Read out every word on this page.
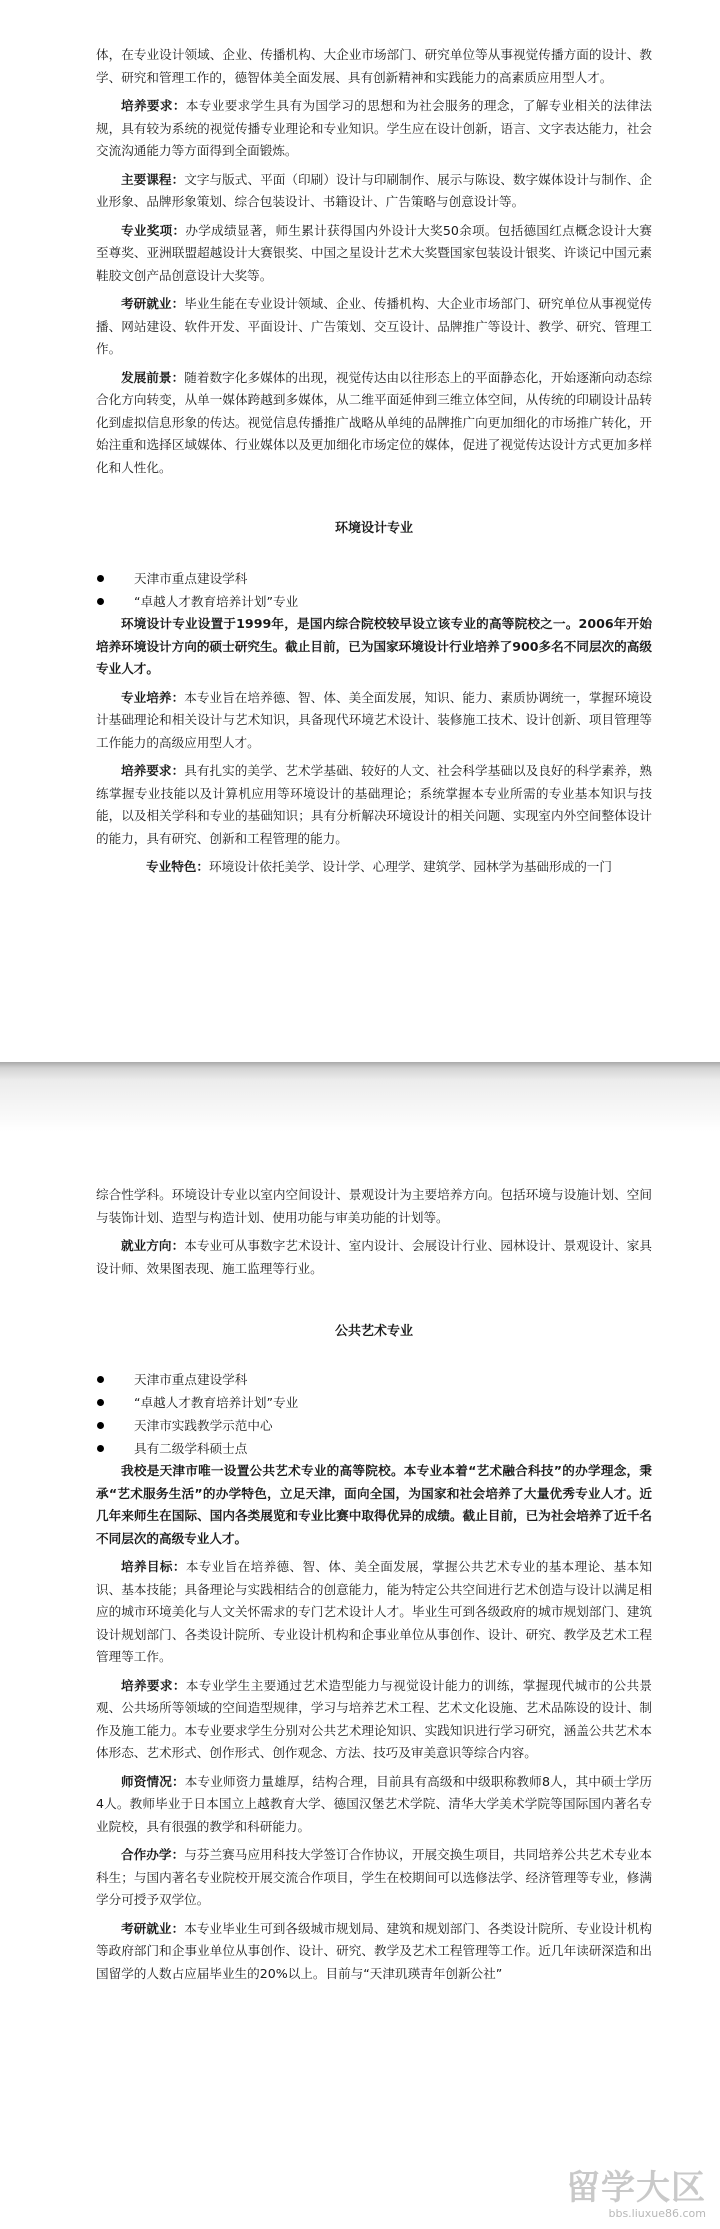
体，在专业设计领域、企业、传播机构、大企业市场部门、研究单位等从事视觉传播方面的设计、教学、研究和管理工作的，德智体美全面发展、具有创新精神和实践能力的高素质应用型人才。

培养要求：本专业要求学生具有为国学习的思想和为社会服务的理念，了解专业相关的法律法规，具有较为系统的视觉传播专业理论和专业知识。学生应在设计创新，语言、文字表达能力，社会交流沟通能力等方面得到全面锻炼。

主要课程：文字与版式、平面（印刷）设计与印刷制作、展示与陈设、数字媒体设计与制作、企业形象、品牌形象策划、综合包装设计、书籍设计、广告策略与创意设计等。

专业奖项：办学成绩显著，师生累计获得国内外设计大奖50余项。包括德国红点概念设计大赛至尊奖、亚洲联盟超越设计大赛银奖、中国之星设计艺术大奖暨国家包装设计银奖、许谈记中国元素鞋胶文创产品创意设计大奖等。

考研就业：毕业生能在专业设计领域、企业、传播机构、大企业市场部门、研究单位从事视觉传播、网站建设、软件开发、平面设计、广告策划、交互设计、品牌推广等设计、教学、研究、管理工作。

发展前景：随着数字化多媒体的出现，视觉传达由以往形态上的平面静态化，开始逐渐向动态综合化方向转变，从单一媒体跨越到多媒体，从二维平面延伸到三维立体空间，从传统的印刷设计品转化到虚拟信息形象的传达。视觉信息传播推广战略从单纯的品牌推广向更加细化的市场推广转化，开始注重和选择区域媒体、行业媒体以及更加细化市场定位的媒体，促进了视觉传达设计方式更加多样化和人性化。

环境设计专业
天津市重点建设学科
“卓越人才教育培养计划”专业

环境设计专业设置于1999年，是国内综合院校较早设立该专业的高等院校之一。2006年开始培养环境设计方向的硕士研究生。截止目前，已为国家环境设计行业培养了900多名不同层次的高级专业人才。

专业培养：本专业旨在培养德、智、体、美全面发展，知识、能力、素质协调统一，掌握环境设计基础理论和相关设计与艺术知识，具备现代环境艺术设计、装修施工技术、设计创新、项目管理等工作能力的高级应用型人才。

培养要求：具有扎实的美学、艺术学基础、较好的人文、社会科学基础以及良好的科学素养，熟练掌握专业技能以及计算机应用等环境设计的基础理论；系统掌握本专业所需的专业基本知识与技能，以及相关学科和专业的基础知识；具有分析解决环境设计的相关问题、实现室内外空间整体设计的能力，具有研究、创新和工程管理的能力。

专业特色：环境设计依托美学、设计学、心理学、建筑学、园林学为基础形成的一门

综合性学科。环境设计专业以室内空间设计、景观设计为主要培养方向。包括环境与设施计划、空间与装饰计划、造型与构造计划、使用功能与审美功能的计划等。

就业方向：本专业可从事数字艺术设计、室内设计、会展设计行业、园林设计、景观设计、家具设计师、效果图表现、施工监理等行业。

公共艺术专业
天津市重点建设学科
“卓越人才教育培养计划”专业
天津市实践教学示范中心
具有二级学科硕士点

我校是天津市唯一设置公共艺术专业的高等院校。本专业本着“艺术融合科技”的办学理念，秉承“艺术服务生活”的办学特色，立足天津，面向全国，为国家和社会培养了大量优秀专业人才。近几年来师生在国际、国内各类展览和专业比赛中取得优异的成绩。截止目前，已为社会培养了近千名不同层次的高级专业人才。

培养目标：本专业旨在培养德、智、体、美全面发展，掌握公共艺术专业的基本理论、基本知识、基本技能；具备理论与实践相结合的创意能力，能为特定公共空间进行艺术创造与设计以满足相应的城市环境美化与人文关怀需求的专门艺术设计人才。毕业生可到各级政府的城市规划部门、建筑设计规划部门、各类设计院所、专业设计机构和企事业单位从事创作、设计、研究、教学及艺术工程管理等工作。

培养要求：本专业学生主要通过艺术造型能力与视觉设计能力的训练，掌握现代城市的公共景观、公共场所等领域的空间造型规律，学习与培养艺术工程、艺术文化设施、艺术品陈设的设计、制作及施工能力。本专业要求学生分别对公共艺术理论知识、实践知识进行学习研究，涵盖公共艺术本体形态、艺术形式、创作形式、创作观念、方法、技巧及审美意识等综合内容。

师资情况：本专业师资力量雄厚，结构合理，目前具有高级和中级职称教师8人，其中硕士学历4人。教师毕业于日本国立上越教育大学、德国汉堡艺术学院、清华大学美术学院等国际国内著名专业院校，具有很强的教学和科研能力。

合作办学：与芬兰赛马应用科技大学签订合作协议，开展交换生项目，共同培养公共艺术专业本科生；与国内著名专业院校开展交流合作项目，学生在校期间可以选修法学、经济管理等专业，修满学分可授予双学位。

考研就业：本专业毕业生可到各级城市规划局、建筑和规划部门、各类设计院所、专业设计机构等政府部门和企事业单位从事创作、设计、研究、教学及艺术工程管理等工作。近几年读研深造和出国留学的人数占应届毕业生的20%以上。目前与“天津玑瑛青年创新公社”

留学大区
bbs.liuxue86.com
